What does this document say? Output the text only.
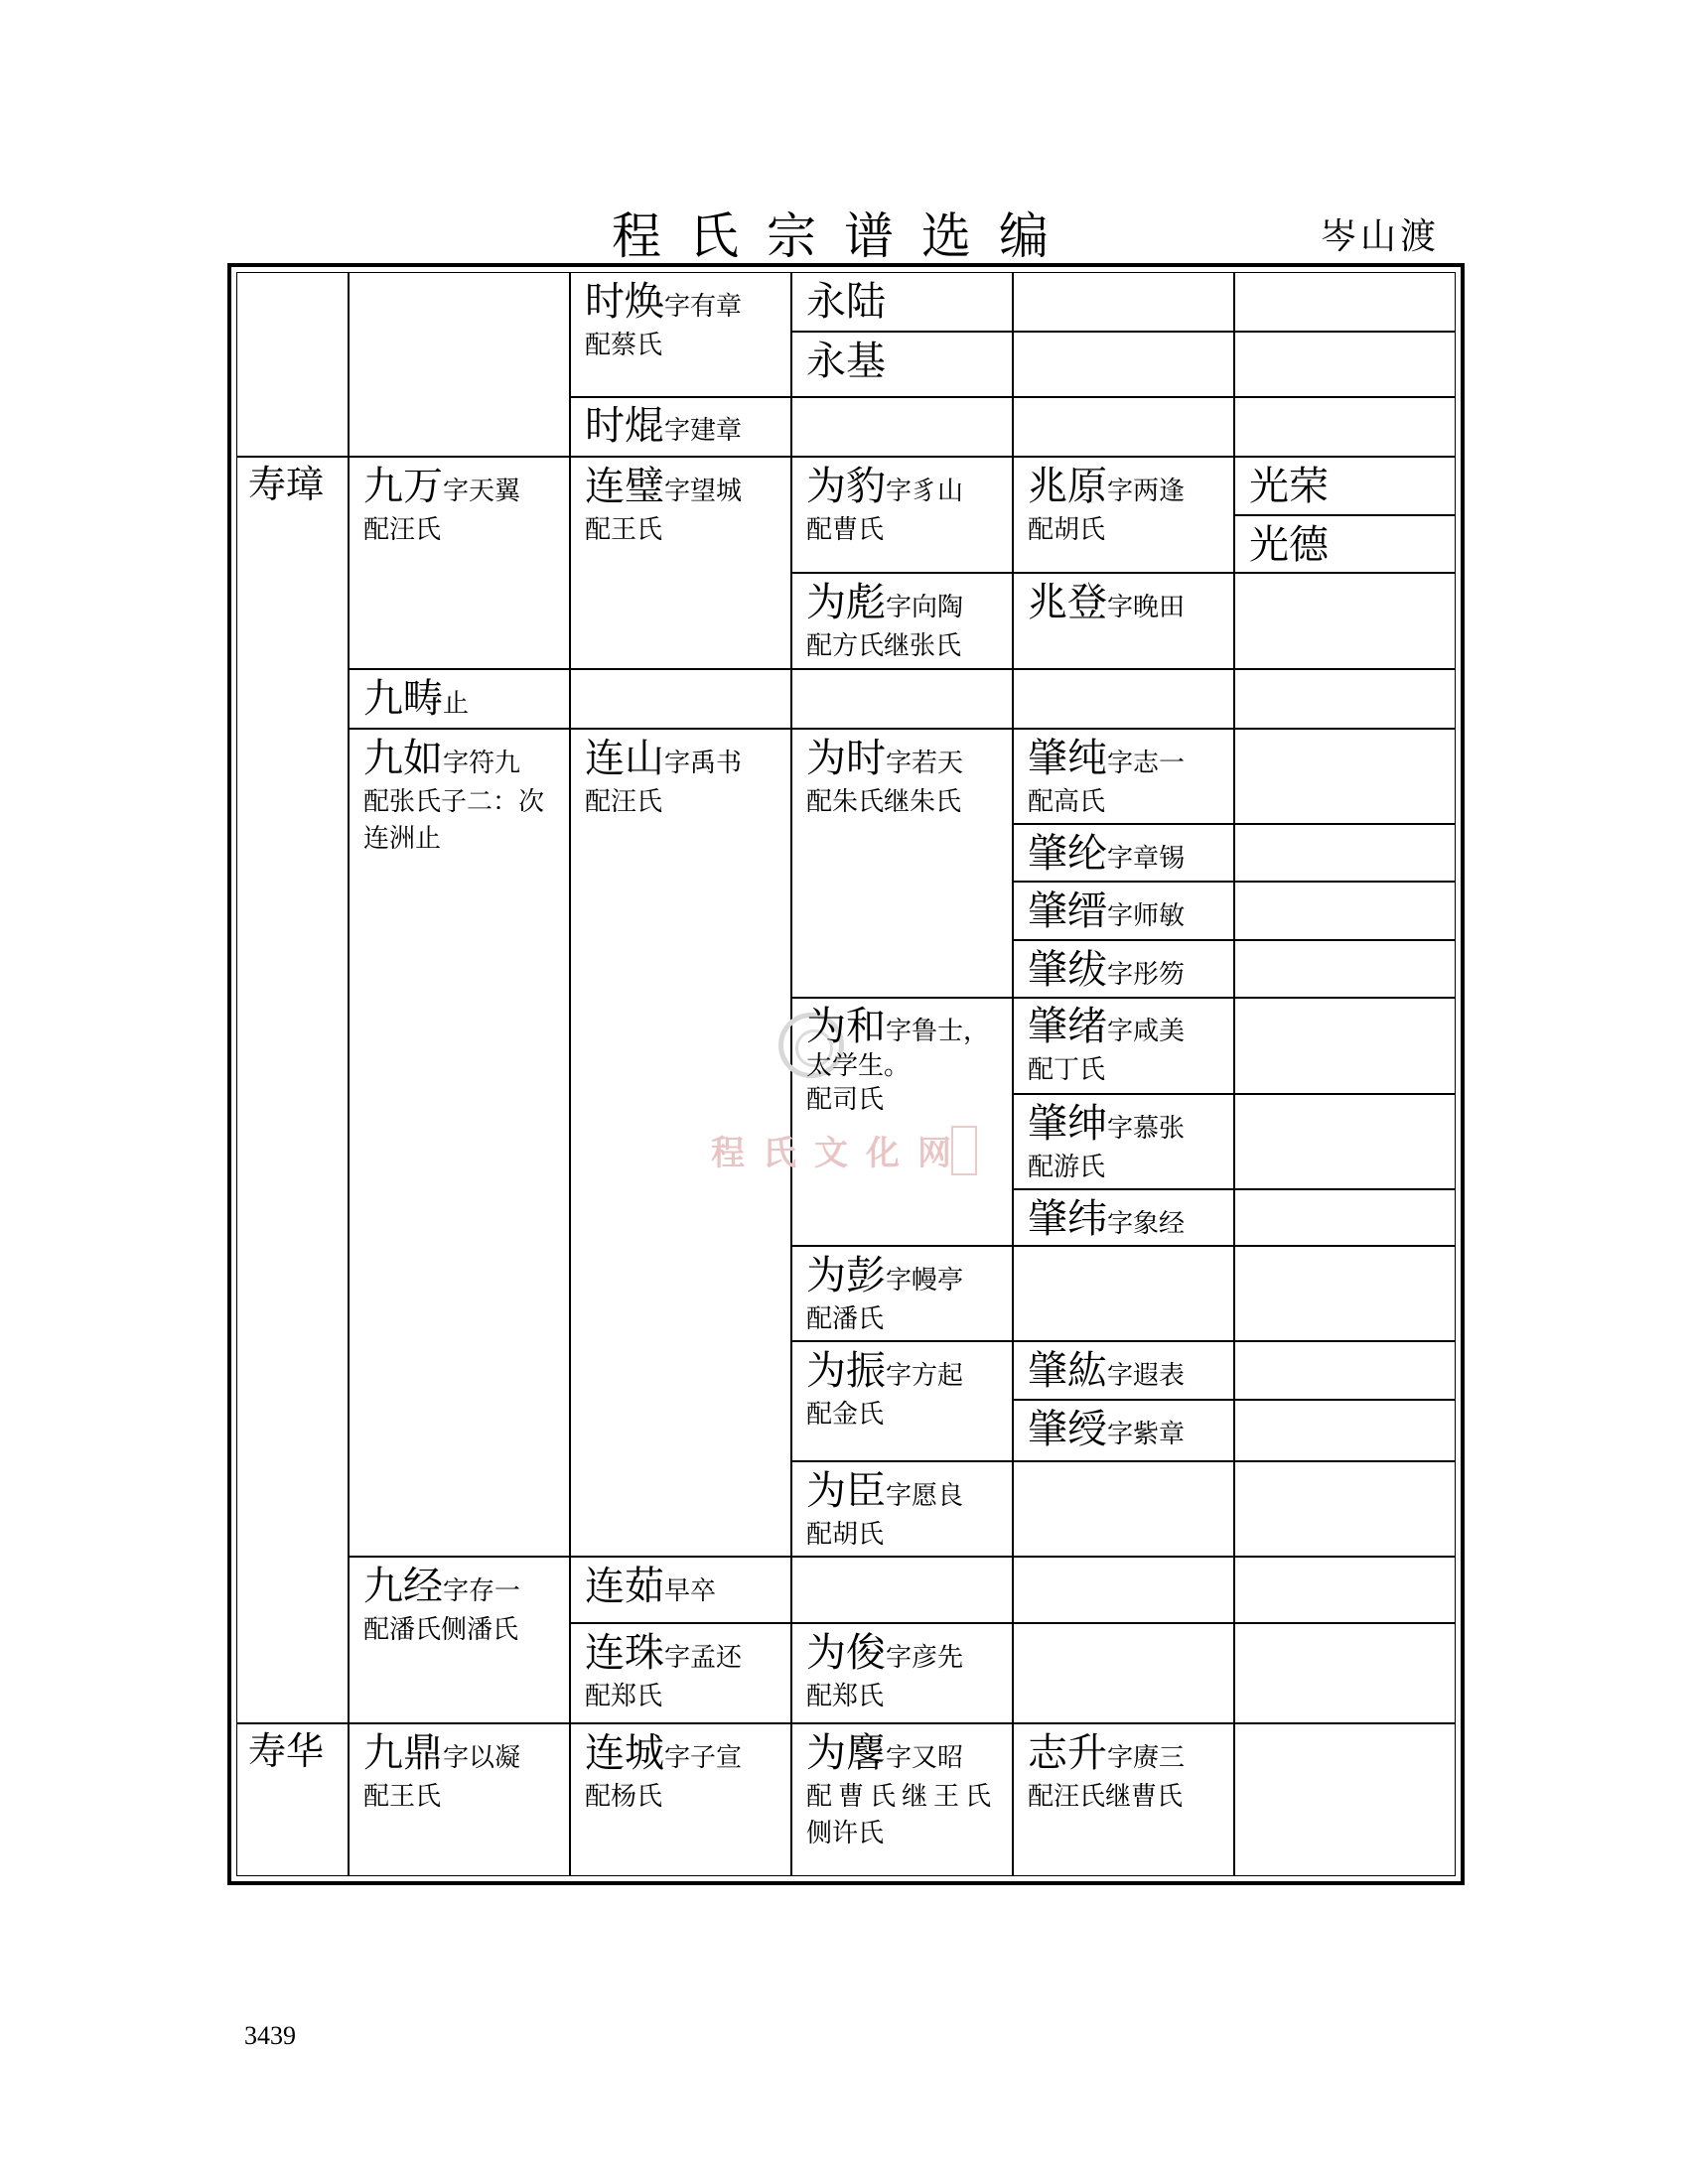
程氏宗谱选编	岑山渡
程氏文化网
寿璋
寿华
九万字天翼
配汪氏
九畴止
九如字符九
配张氏子二：次
连洲止
九经字存一
配潘氏侧潘氏
九鼎字以凝
配王氏
时焕字有章
配蔡氏
时焜字建章
连璧字望城
配王氏
连山字禹书
配汪氏
连茹早卒
连珠字孟还
配郑氏
连城字子宣
配杨氏
永陆
永基
为豹字豸山
配曹氏
为彪字向陶
配方氏继张氏
为时字若天
配朱氏继朱氏
为和字鲁士，
太学生。
配司氏
为彭字幔亭
配潘氏
为振字方起
配金氏
为臣字愿良
配胡氏
为俊字彦先
配郑氏
为麐字又昭
配曹氏继王氏
侧许氏
兆原字两逢
配胡氏
兆登字晚田
肇纯字志一
配高氏
肇纶字章锡
肇缙字师敏
肇绂字彤笏
肇绪字咸美
配丁氏
肇绅字慕张
配游氏
肇纬字象经
肇紘字遐表
肇绶字紫章
志升字赓三
配汪氏继曹氏
光荣
光德
3439
